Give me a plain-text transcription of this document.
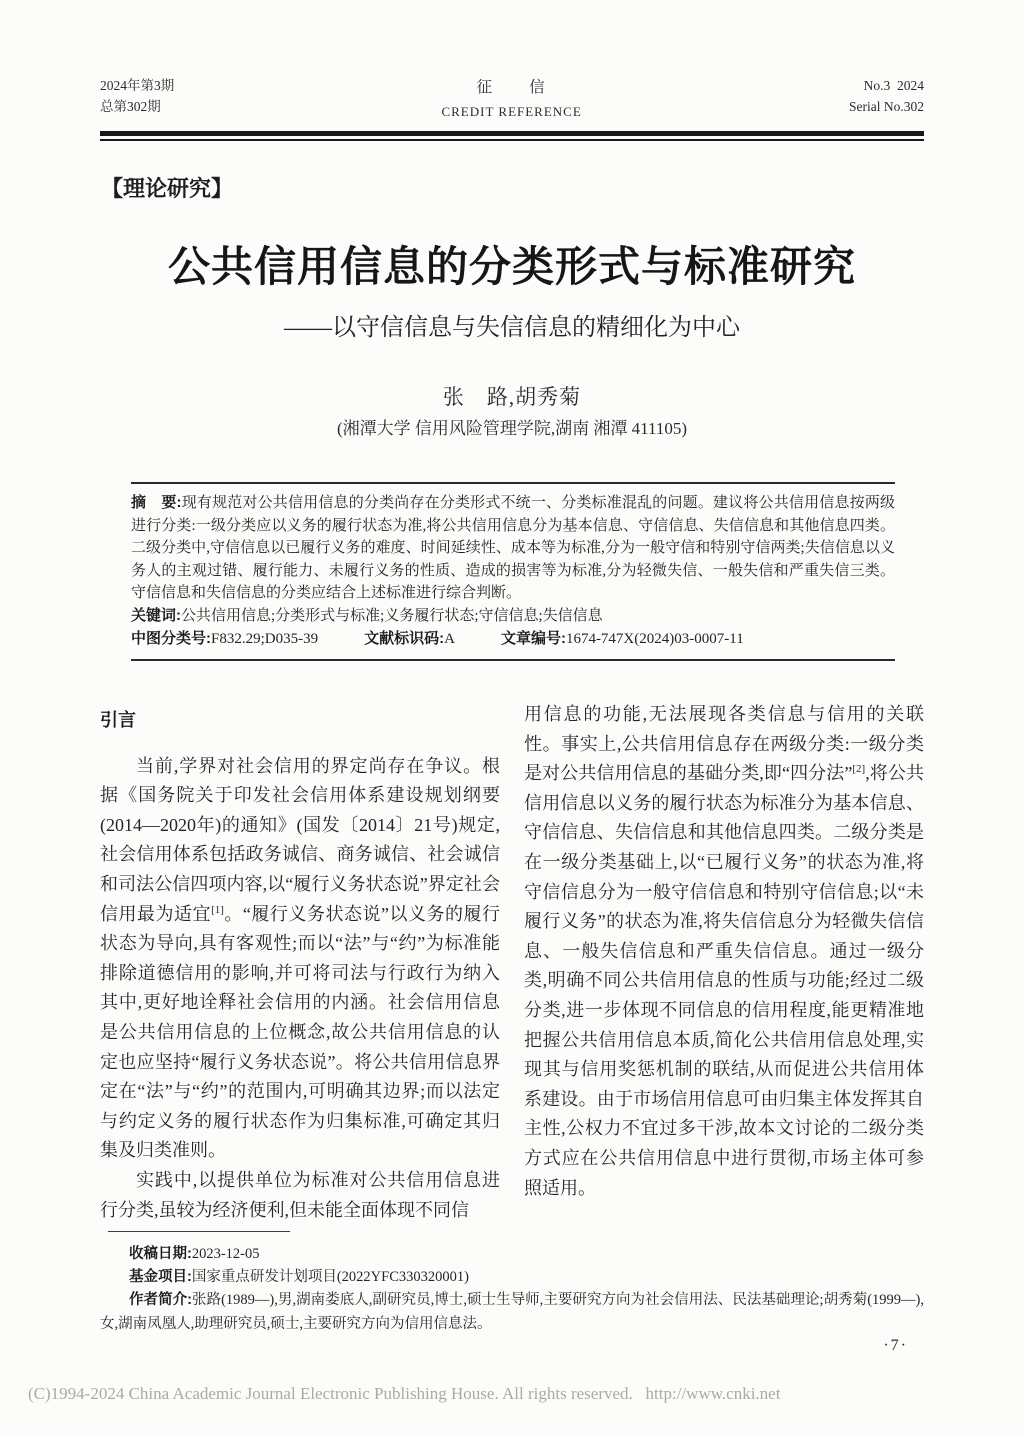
2024年第3期
总第302期
征　　信
CREDIT REFERENCE
No.3  2024
Serial No.302
【理论研究】
公共信用信息的分类形式与标准研究
——以守信信息与失信信息的精细化为中心
张　路,胡秀菊
(湘潭大学 信用风险管理学院,湖南 湘潭 411105)

摘　要:现有规范对公共信用信息的分类尚存在分类形式不统一、分类标准混乱的问题。建议将公共信用信息按两级进行分类:一级分类应以义务的履行状态为准,将公共信用信息分为基本信息、守信信息、失信信息和其他信息四类。二级分类中,守信信息以已履行义务的难度、时间延续性、成本等为标准,分为一般守信和特别守信两类;失信信息以义务人的主观过错、履行能力、未履行义务的性质、造成的损害等为标准,分为轻微失信、一般失信和严重失信三类。守信信息和失信信息的分类应结合上述标准进行综合判断。

关键词:公共信用信息;分类形式与标准;义务履行状态;守信信息;失信信息

中图分类号:F832.29;D035-39	文献标识码:A	文章编号:1674-747X(2024)03-0007-11
引言

当前,学界对社会信用的界定尚存在争议。根据《国务院关于印发社会信用体系建设规划纲要(2014—2020年)的通知》(国发〔2014〕21号)规定,社会信用体系包括政务诚信、商务诚信、社会诚信和司法公信四项内容,以“履行义务状态说”界定社会信用最为适宜[1]。“履行义务状态说”以义务的履行状态为导向,具有客观性;而以“法”与“约”为标准能排除道德信用的影响,并可将司法与行政行为纳入其中,更好地诠释社会信用的内涵。社会信用信息是公共信用信息的上位概念,故公共信用信息的认定也应坚持“履行义务状态说”。将公共信用信息界定在“法”与“约”的范围内,可明确其边界;而以法定与约定义务的履行状态作为归集标准,可确定其归集及归类准则。

实践中,以提供单位为标准对公共信用信息进行分类,虽较为经济便利,但未能全面体现不同信

用信息的功能,无法展现各类信息与信用的关联性。事实上,公共信用信息存在两级分类:一级分类是对公共信用信息的基础分类,即“四分法”[2],将公共信用信息以义务的履行状态为标准分为基本信息、守信信息、失信信息和其他信息四类。二级分类是在一级分类基础上,以“已履行义务”的状态为准,将守信信息分为一般守信信息和特别守信信息;以“未履行义务”的状态为准,将失信信息分为轻微失信信息、一般失信信息和严重失信信息。通过一级分类,明确不同公共信用信息的性质与功能;经过二级分类,进一步体现不同信息的信用程度,能更精准地把握公共信用信息本质,简化公共信用信息处理,实现其与信用奖惩机制的联结,从而促进公共信用体系建设。由于市场信用信息可由归集主体发挥其自主性,公权力不宜过多干涉,故本文讨论的二级分类方式应在公共信用信息中进行贯彻,市场主体可参照适用。

收稿日期:2023-12-05

基金项目:国家重点研发计划项目(2022YFC330320001)

作者简介:张路(1989—),男,湖南娄底人,副研究员,博士,硕士生导师,主要研究方向为社会信用法、民法基础理论;胡秀菊(1999—),女,湖南凤凰人,助理研究员,硕士,主要研究方向为信用信息法。

·7·
(C)1994-2024 China Academic Journal Electronic Publishing House. All rights reserved.   http://www.cnki.net
